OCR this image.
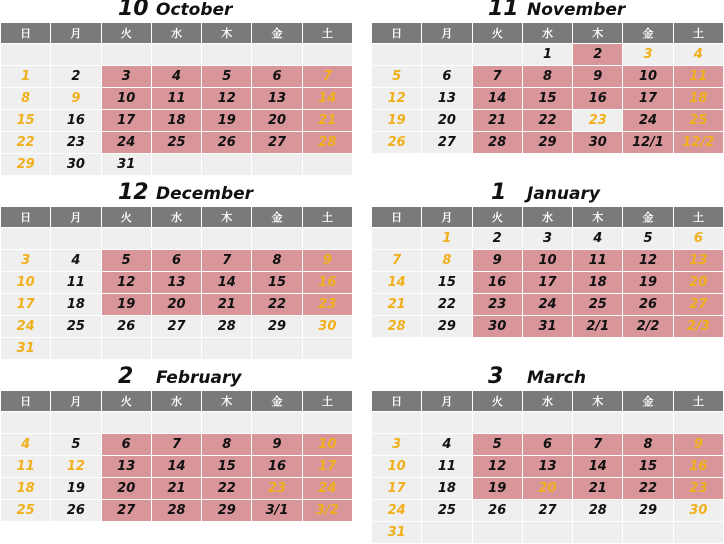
10 October
日	月	火	水	木	金	土

1	2	3	4	5	6	7
8	9	10	11	12	13	14
15	16	17	18	19	20	21
22	23	24	25	26	27	28
29	30	31				
11 November
日	月	火	水	木	金	土
			1	2	3	4
5	6	7	8	9	10	11
12	13	14	15	16	17	18
19	20	21	22	23	24	25
26	27	28	29	30	12/1	12/2
12 December
日	月	火	水	木	金	土

3	4	5	6	7	8	9
10	11	12	13	14	15	16
17	18	19	20	21	22	23
24	25	26	27	28	29	30
31						
1 January
日	月	火	水	木	金	土
	1	2	3	4	5	6
7	8	9	10	11	12	13
14	15	16	17	18	19	20
21	22	23	24	25	26	27
28	29	30	31	2/1	2/2	2/3
2 February
日	月	火	水	木	金	土

4	5	6	7	8	9	10
11	12	13	14	15	16	17
18	19	20	21	22	23	24
25	26	27	28	29	3/1	3/2
3 March
日	月	火	水	木	金	土

3	4	5	6	7	8	9
10	11	12	13	14	15	16
17	18	19	20	21	22	23
24	25	26	27	28	29	30
31						
